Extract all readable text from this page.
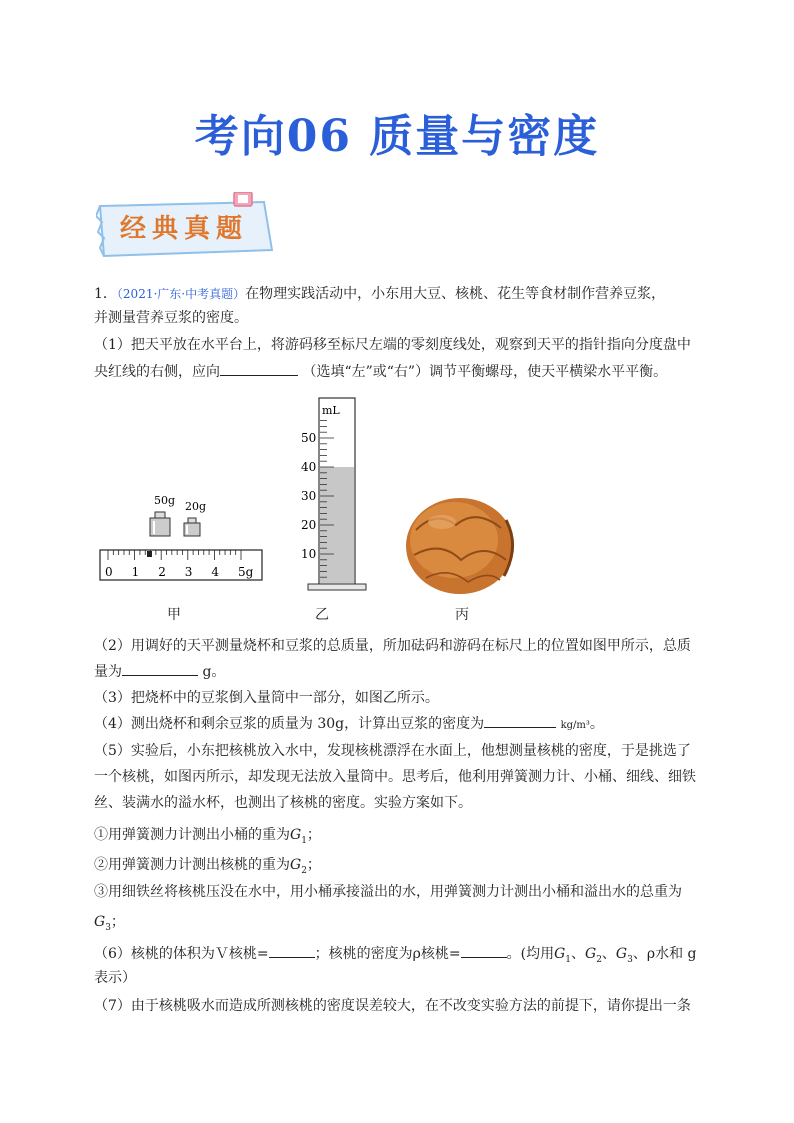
考向06 质量与密度
经典真题
1．（2021·广东·中考真题）在物理实践活动中，小东用大豆、核桃、花生等食材制作营养豆浆，
并测量营养豆浆的密度。
（1）把天平放在水平台上，将游码移至标尺左端的零刻度线处，观察到天平的指针指向分度盘中
央红线的右侧，应向	（选填“左”或“右”）调节平衡螺母，使天平横梁水平平衡。
50g 20g
0 1 2 3 4 5g
mL
50
40
30
20
10
甲	乙	丙
（2）用调好的天平测量烧杯和豆浆的总质量，所加砝码和游码在标尺上的位置如图甲所示，总质
量为	g。
（3）把烧杯中的豆浆倒入量筒中一部分，如图乙所示。
（4）测出烧杯和剩余豆浆的质量为 30g，计算出豆浆的密度为	kg/m³。
（5）实验后，小东把核桃放入水中，发现核桃漂浮在水面上，他想测量核桃的密度，于是挑选了
一个核桃，如图丙所示，却发现无法放入量筒中。思考后，他利用弹簧测力计、小桶、细线、细铁
丝、装满水的溢水杯，也测出了核桃的密度。实验方案如下。
①用弹簧测力计测出小桶的重为$G_1$；
②用弹簧测力计测出核桃的重为$G_2$；
③用细铁丝将核桃压没在水中，用小桶承接溢出的水，用弹簧测力计测出小桶和溢出水的总重为
$G_3$；
（6）核桃的体积为Ｖ核桃=	；核桃的密度为ρ核桃=	。(均用$G_1$、$G_2$、$G_3$、ρ水和 g
表示）
（7）由于核桃吸水而造成所测核桃的密度误差较大，在不改变实验方法的前提下，请你提出一条
